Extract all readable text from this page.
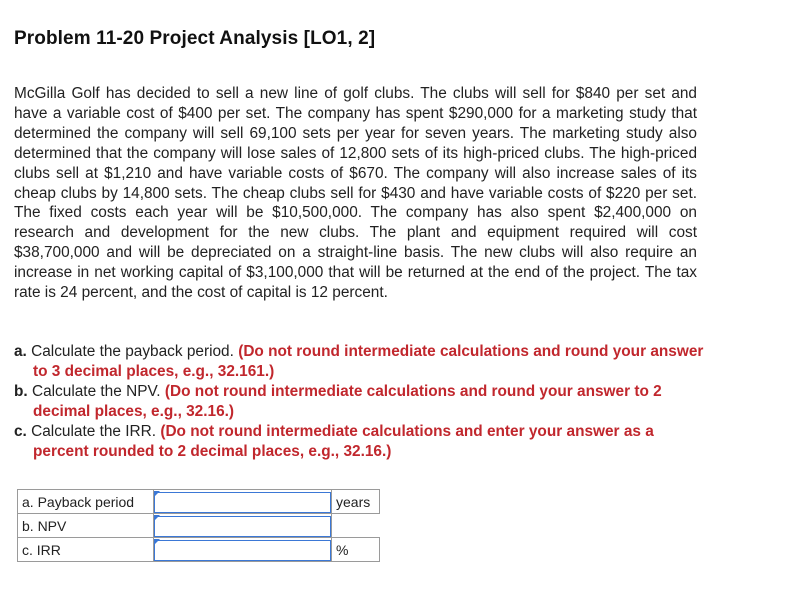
Problem 11-20 Project Analysis [LO1, 2]

McGilla Golf has decided to sell a new line of golf clubs. The clubs will sell for $840 per set and have a variable cost of $400 per set. The company has spent $290,000 for a marketing study that determined the company will sell 69,100 sets per year for seven years. The marketing study also determined that the company will lose sales of 12,800 sets of its high-priced clubs. The high-priced clubs sell at $1,210 and have variable costs of $670. The company will also increase sales of its cheap clubs by 14,800 sets. The cheap clubs sell for $430 and have variable costs of $220 per set. The fixed costs each year will be $10,500,000. The company has also spent $2,400,000 on research and development for the new clubs. The plant and equipment required will cost $38,700,000 and will be depreciated on a straight-line basis. The new clubs will also require an increase in net working capital of $3,100,000 that will be returned at the end of the project. The tax rate is 24 percent, and the cost of capital is 12 percent.

a. Calculate the payback period. (Do not round intermediate calculations and round your answer to 3 decimal places, e.g., 32.161.)
b. Calculate the NPV. (Do not round intermediate calculations and round your answer to 2 decimal places, e.g., 32.16.)
c. Calculate the IRR. (Do not round intermediate calculations and enter your answer as a percent rounded to 2 decimal places, e.g., 32.16.)
a. Payback period		years
b. NPV	

c. IRR		%
